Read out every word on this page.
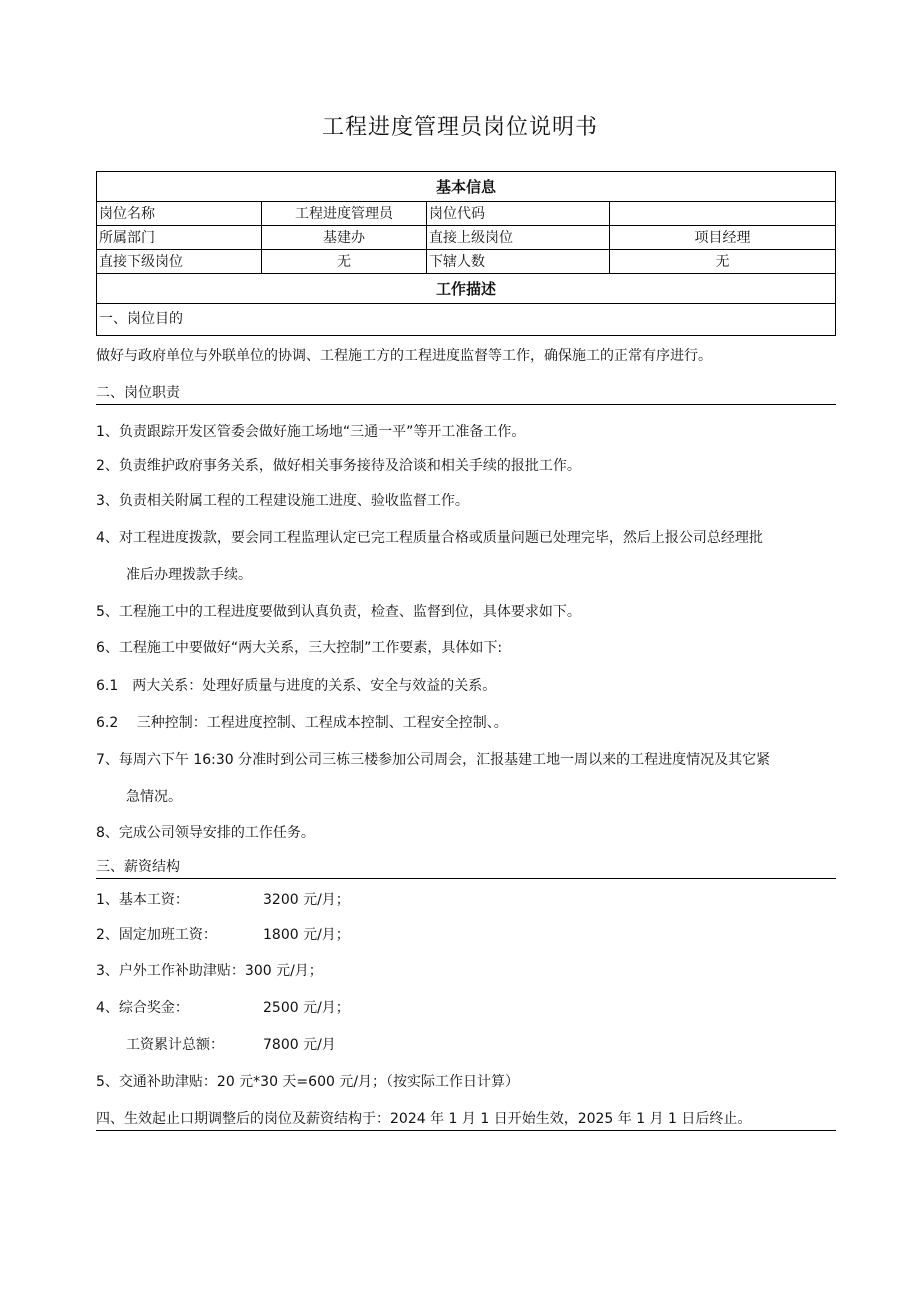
工程进度管理员岗位说明书
基本信息			
岗位名称	工程进度管理员	岗位代码	
所属部门	基建办	直接上级岗位	项目经理
直接下级岗位	无	下辖人数	无
工作描述			
一、岗位目的			
做好与政府单位与外联单位的协调、工程施工方的工程进度监督等工作，确保施工的正常有序进行。
二、岗位职责
1、负责跟踪开发区管委会做好施工场地“三通一平”等开工准备工作。
2、负责维护政府事务关系，做好相关事务接待及洽谈和相关手续的报批工作。
3、负责相关附属工程的工程建设施工进度、验收监督工作。
4、对工程进度拨款，要会同工程监理认定已完工程质量合格或质量问题已处理完毕，然后上报公司总经理批
准后办理拨款手续。
5、工程施工中的工程进度要做到认真负责，检查、监督到位，具体要求如下。
6、工程施工中要做好“两大关系，三大控制”工作要素，具体如下:
6.1　两大关系：处理好质量与进度的关系、安全与效益的关系。
6.2　 三种控制：工程进度控制、工程成本控制、工程安全控制、。
7、每周六下午 16:30 分准时到公司三栋三楼参加公司周会，汇报基建工地一周以来的工程进度情况及其它紧
急情况。
8、完成公司领导安排的工作任务。
三、薪资结构
1、基本工资：	3200 元/月；
2、固定加班工资：	1800 元/月；
3、户外工作补助津贴：300 元/月；
4、综合奖金：	2500 元/月；
工资累计总额：	7800 元/月
5、交通补助津贴：20 元*30 天=600 元/月；（按实际工作日计算）
四、生效起止口期调整后的岗位及薪资结构于：2024 年 1 月 1 日开始生效，2025 年 1 月 1 日后终止。
